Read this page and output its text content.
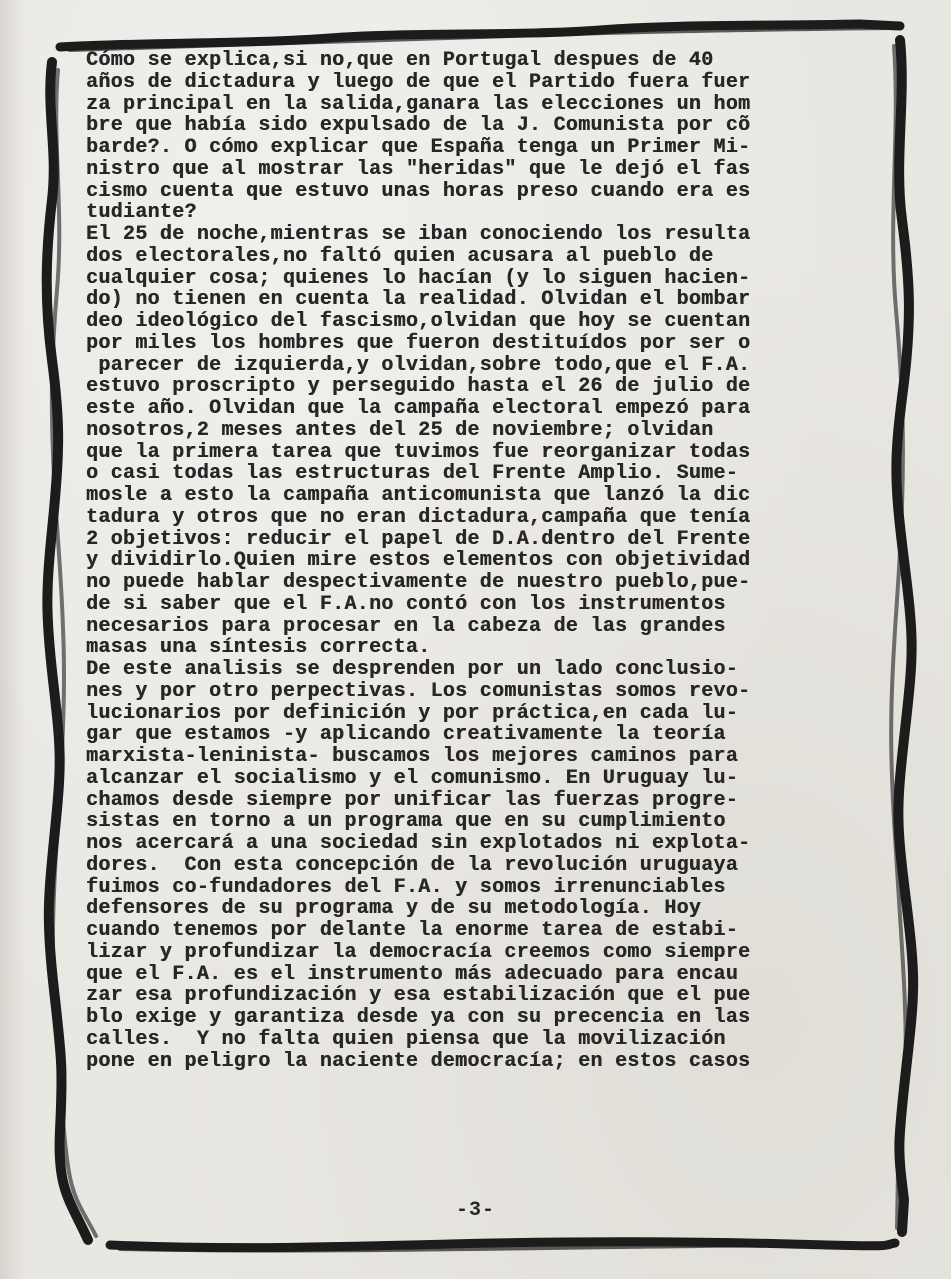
Cómo se explica,si no,que en Portugal despues de 40
años de dictadura y luego de que el Partido fuera fuer
za principal en la salida,ganara las elecciones un hom
bre que había sido expulsado de la J. Comunista por cõ
barde?. O cómo explicar que España tenga un Primer Mi-
nistro que al mostrar las "heridas" que le dejó el fas
cismo cuenta que estuvo unas horas preso cuando era es
tudiante?
El 25 de noche,mientras se iban conociendo los resulta
dos electorales,no faltó quien acusara al pueblo de
cualquier cosa; quienes lo hacían (y lo siguen hacien-
do) no tienen en cuenta la realidad. Olvidan el bombar
deo ideológico del fascismo,olvidan que hoy se cuentan
por miles los hombres que fueron destituídos por ser o
parecer de izquierda,y olvidan,sobre todo,que el F.A.
estuvo proscripto y perseguido hasta el 26 de julio de
este año. Olvidan que la campaña electoral empezó para
nosotros,2 meses antes del 25 de noviembre; olvidan
que la primera tarea que tuvimos fue reorganizar todas
o casi todas las estructuras del Frente Amplio. Sume-
mosle a esto la campaña anticomunista que lanzó la dic
tadura y otros que no eran dictadura,campaña que tenía
2 objetivos: reducir el papel de D.A.dentro del Frente
y dividirlo.Quien mire estos elementos con objetividad
no puede hablar despectivamente de nuestro pueblo,pue-
de si saber que el F.A.no contó con los instrumentos
necesarios para procesar en la cabeza de las grandes
masas una síntesis correcta.
De este analisis se desprenden por un lado conclusio-
nes y por otro perpectivas. Los comunistas somos revo-
lucionarios por definición y por práctica,en cada lu-
gar que estamos -y aplicando creativamente la teoría
marxista-leninista- buscamos los mejores caminos para
alcanzar el socialismo y el comunismo. En Uruguay lu-
chamos desde siempre por unificar las fuerzas progre-
sistas en torno a un programa que en su cumplimiento
nos acercará a una sociedad sin explotados ni explota-
dores.  Con esta concepción de la revolución uruguaya
fuimos co-fundadores del F.A. y somos irrenunciables
defensores de su programa y de su metodología. Hoy
cuando tenemos por delante la enorme tarea de estabi-
lizar y profundizar la democracía creemos como siempre
que el F.A. es el instrumento más adecuado para encau
zar esa profundización y esa estabilización que el pue
blo exige y garantiza desde ya con su precencia en las
calles.  Y no falta quien piensa que la movilización
pone en peligro la naciente democracía; en estos casos
-3-
